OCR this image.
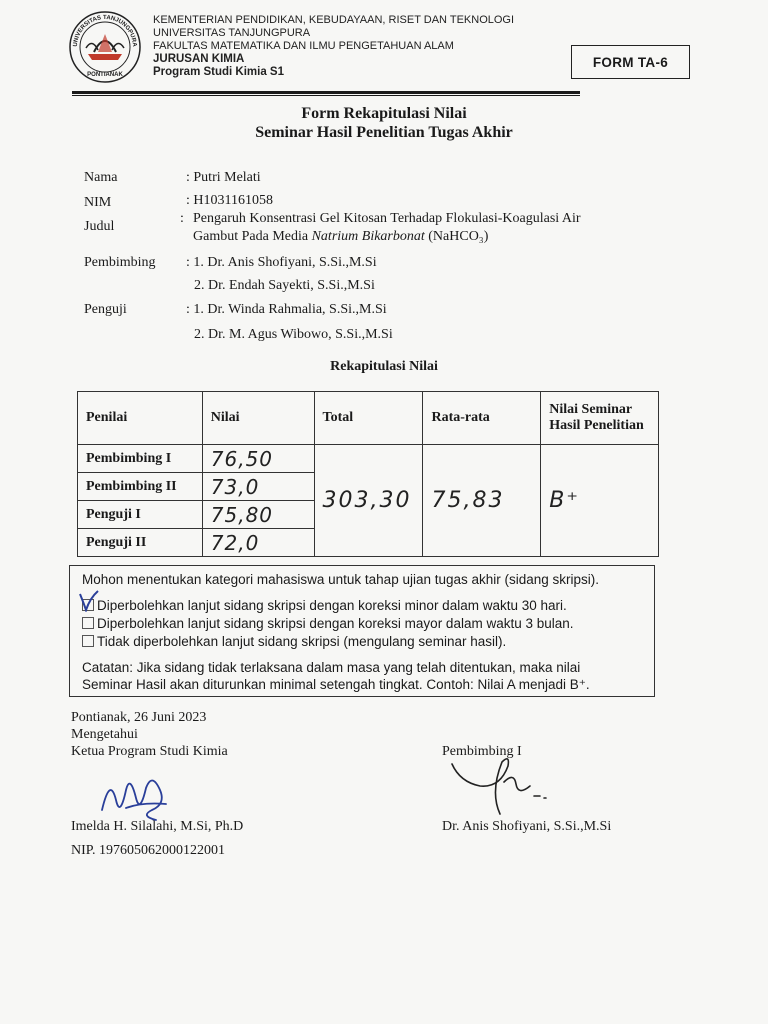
UNIVERSITAS TANJUNGPURA
PONTIANAK
KEMENTERIAN PENDIDIKAN, KEBUDAYAAN, RISET DAN TEKNOLOGI
UNIVERSITAS TANJUNGPURA
FAKULTAS MATEMATIKA DAN ILMU PENGETAHUAN ALAM
JURUSAN KIMIA
Program Studi Kimia S1
FORM TA-6
Form Rekapitulasi Nilai
Seminar Hasil Penelitian Tugas Akhir
Nama	: Putri Melati
NIM	: H1031161058
Judul
: Pengaruh Konsentrasi Gel Kitosan Terhadap Flokulasi-Koagulasi Air
Gambut Pada Media Natrium Bikarbonat (NaHCO₃)
Pembimbing : 1. Dr. Anis Shofiyani, S.Si.,M.Si
2. Dr. Endah Sayekti, S.Si.,M.Si
Penguji	: 1. Dr. Winda Rahmalia, S.Si.,M.Si
2. Dr. M. Agus Wibowo, S.Si.,M.Si
Rekapitulasi Nilai
Penilai	Nilai	Total	Rata-rata	Nilai Seminar Hasil Penelitian
Pembimbing I	76,50	303,30	75,83	B⁺
Pembimbing II	73,0			
Penguji I	75,80			
Penguji II	72,0			
Mohon menentukan kategori mahasiswa untuk tahap ujian tugas akhir (sidang skripsi).
Diperbolehkan lanjut sidang skripsi dengan koreksi minor dalam waktu 30 hari.
Diperbolehkan lanjut sidang skripsi dengan koreksi mayor dalam waktu 3 bulan.
Tidak diperbolehkan lanjut sidang skripsi (mengulang seminar hasil).
Catatan: Jika sidang tidak terlaksana dalam masa yang telah ditentukan, maka nilai
Seminar Hasil akan diturunkan minimal setengah tingkat. Contoh: Nilai A menjadi B⁺.
Pontianak, 26 Juni 2023
Mengetahui
Ketua Program Studi Kimia
Imelda H. Silalahi, M.Si, Ph.D
NIP. 197605062000122001
Pembimbing I
Dr. Anis Shofiyani, S.Si.,M.Si
